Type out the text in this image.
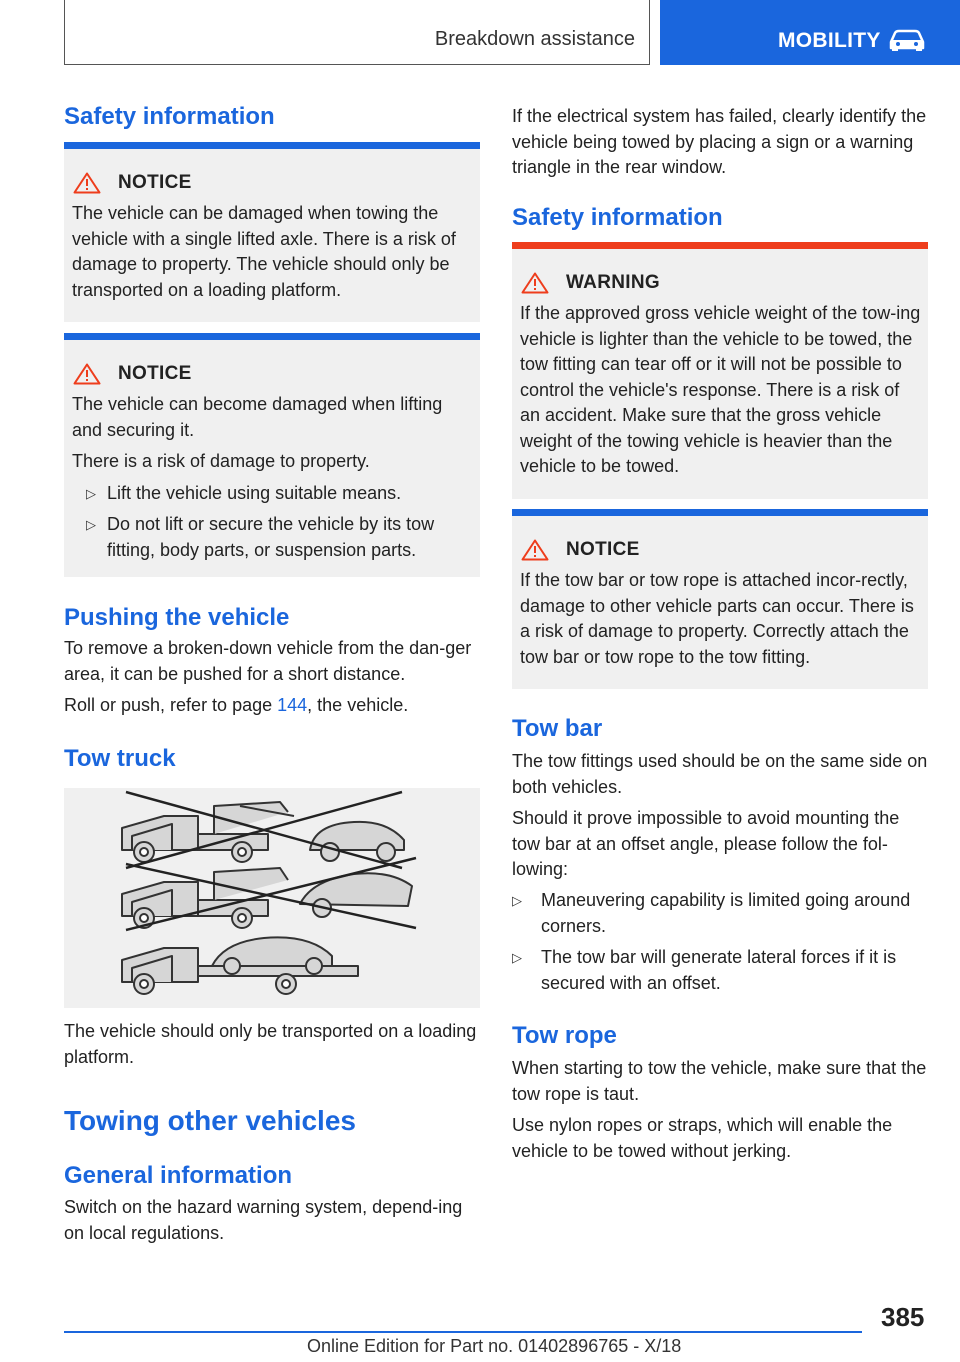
Breakdown assistance	MOBILITY
Safety information
NOTICE
The vehicle can be damaged when towing the vehicle with a single lifted axle. There is a risk of damage to property. The vehicle should only be transported on a loading platform.
NOTICE
The vehicle can become damaged when lifting and securing it.
There is a risk of damage to property.
▷ Lift the vehicle using suitable means.
▷ Do not lift or secure the vehicle by its tow fitting, body parts, or suspension parts.
Pushing the vehicle
To remove a broken-down vehicle from the dan‐ger area, it can be pushed for a short distance.
Roll or push, refer to page 144, the vehicle.
Tow truck
The vehicle should only be transported on a loading platform.
Towing other vehicles
General information
Switch on the hazard warning system, depend‐ing on local regulations.
If the electrical system has failed, clearly identify the vehicle being towed by placing a sign or a warning triangle in the rear window.
Safety information
WARNING
If the approved gross vehicle weight of the tow‐ing vehicle is lighter than the vehicle to be towed, the tow fitting can tear off or it will not be possible to control the vehicle's response. There is a risk of an accident. Make sure that the gross vehicle weight of the towing vehicle is heavier than the vehicle to be towed.
NOTICE
If the tow bar or tow rope is attached incor‐rectly, damage to other vehicle parts can occur. There is a risk of damage to property. Correctly attach the tow bar or tow rope to the tow fitting.
Tow bar
The tow fittings used should be on the same side on both vehicles.
Should it prove impossible to avoid mounting the tow bar at an offset angle, please follow the fol‐lowing:
▷	Maneuvering capability is limited going around corners.
▷	The tow bar will generate lateral forces if it is secured with an offset.
Tow rope
When starting to tow the vehicle, make sure that the tow rope is taut.
Use nylon ropes or straps, which will enable the vehicle to be towed without jerking.
385
Online Edition for Part no. 01402896765 - X/18
